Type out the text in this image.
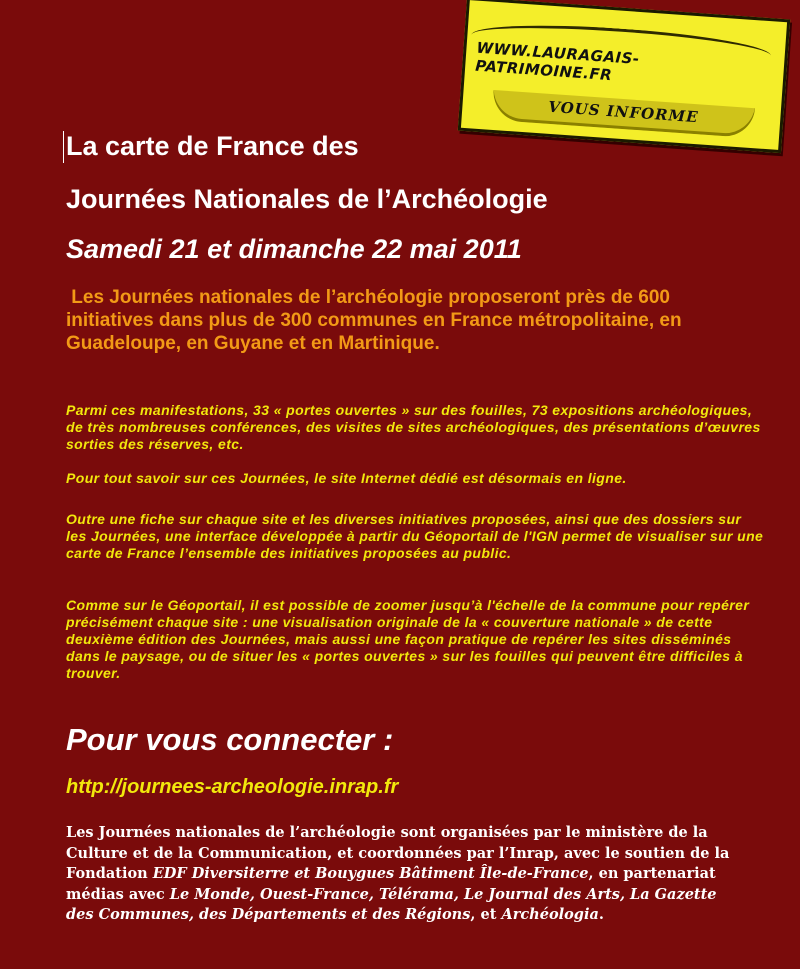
WWW.LAURAGAIS-PATRIMOINE.FR
VOUS INFORME
La carte de France des
Journées Nationales de l’Archéologie
Samedi 21 et dimanche 22 mai 2011
Les Journées nationales de l’archéologie proposeront près de 600 initiatives dans plus de 300 communes en France métropolitaine, en Guadeloupe, en Guyane et en Martinique.
Parmi ces manifestations, 33 « portes ouvertes » sur des fouilles, 73 expositions archéologiques, de très nombreuses conférences, des visites de sites archéologiques, des présentations d’œuvres sorties des réserves, etc.
Pour tout savoir sur ces Journées, le site Internet dédié est désormais en ligne.
Outre une fiche sur chaque site et les diverses initiatives proposées, ainsi que des dossiers sur les Journées, une interface développée à partir du Géoportail de l'IGN permet de visualiser sur une carte de France l’ensemble des initiatives proposées au public.
Comme sur le Géoportail, il est possible de zoomer jusqu’à l'échelle de la commune pour repérer précisément chaque site : une visualisation originale de la « couverture nationale » de cette deuxième édition des Journées, mais aussi une façon pratique de repérer les sites disséminés dans le paysage, ou de situer les « portes ouvertes » sur les fouilles qui peuvent être difficiles à trouver.
Pour vous connecter :
http://journees-archeologie.inrap.fr
Les Journées nationales de l’archéologie sont organisées par le ministère de la Culture et de la Communication, et coordonnées par l’Inrap, avec le soutien de la Fondation EDF Diversiterre et Bouygues Bâtiment Île-de-France, en partenariat médias avec Le Monde, Ouest-France, Télérama, Le Journal des Arts, La Gazette des Communes, des Départements et des Régions, et Archéologia.
